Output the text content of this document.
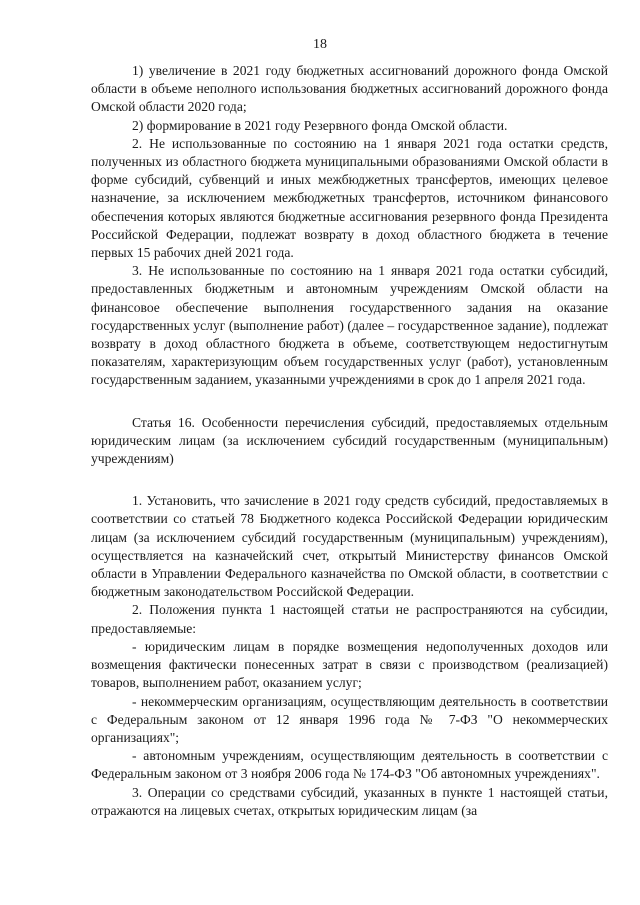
18

1) увеличение в 2021 году бюджетных ассигнований дорожного фонда Омской области в объеме неполного использования бюджетных ассигнований дорожного фонда Омской области 2020 года;

2) формирование в 2021 году Резервного фонда Омской области.

2. Не использованные по состоянию на 1 января 2021 года остатки средств, полученных из областного бюджета муниципальными образованиями Омской области в форме субсидий, субвенций и иных межбюджетных трансфертов, имеющих целевое назначение, за исключением межбюджетных трансфертов, источником финансового обеспечения которых являются бюджетные ассигнования резервного фонда Президента Российской Федерации, подлежат возврату в доход областного бюджета в течение первых 15 рабочих дней 2021 года.

3. Не использованные по состоянию на 1 января 2021 года остатки субсидий, предоставленных бюджетным и автономным учреждениям Омской области на финансовое обеспечение выполнения государственного задания на оказание государственных услуг (выполнение работ) (далее – государственное задание), подлежат возврату в доход областного бюджета в объеме, соответствующем недостигнутым показателям, характеризующим объем государственных услуг (работ), установленным государственным заданием, указанными учреждениями в срок до 1 апреля 2021 года.

Статья 16. Особенности перечисления субсидий, предоставляемых отдельным юридическим лицам (за исключением субсидий государственным (муниципальным) учреждениям)

1. Установить, что зачисление в 2021 году средств субсидий, предоставляемых в соответствии со статьей 78 Бюджетного кодекса Российской Федерации юридическим лицам (за исключением субсидий государственным (муниципальным) учреждениям), осуществляется на казначейский счет, открытый Министерству финансов Омской области в Управлении Федерального казначейства по Омской области, в соответствии с бюджетным законодательством Российской Федерации.

2. Положения пункта 1 настоящей статьи не распространяются на субсидии, предоставляемые:

- юридическим лицам в порядке возмещения недополученных доходов или возмещения фактически понесенных затрат в связи с производством (реализацией) товаров, выполнением работ, оказанием услуг;

- некоммерческим организациям, осуществляющим деятельность в соответствии с Федеральным законом от 12 января 1996 года № 7-ФЗ "О некоммерческих организациях";

- автономным учреждениям, осуществляющим деятельность в соответствии с Федеральным законом от 3 ноября 2006 года № 174-ФЗ "Об автономных учреждениях".

3. Операции со средствами субсидий, указанных в пункте 1 настоящей статьи, отражаются на лицевых счетах, открытых юридическим лицам (за
